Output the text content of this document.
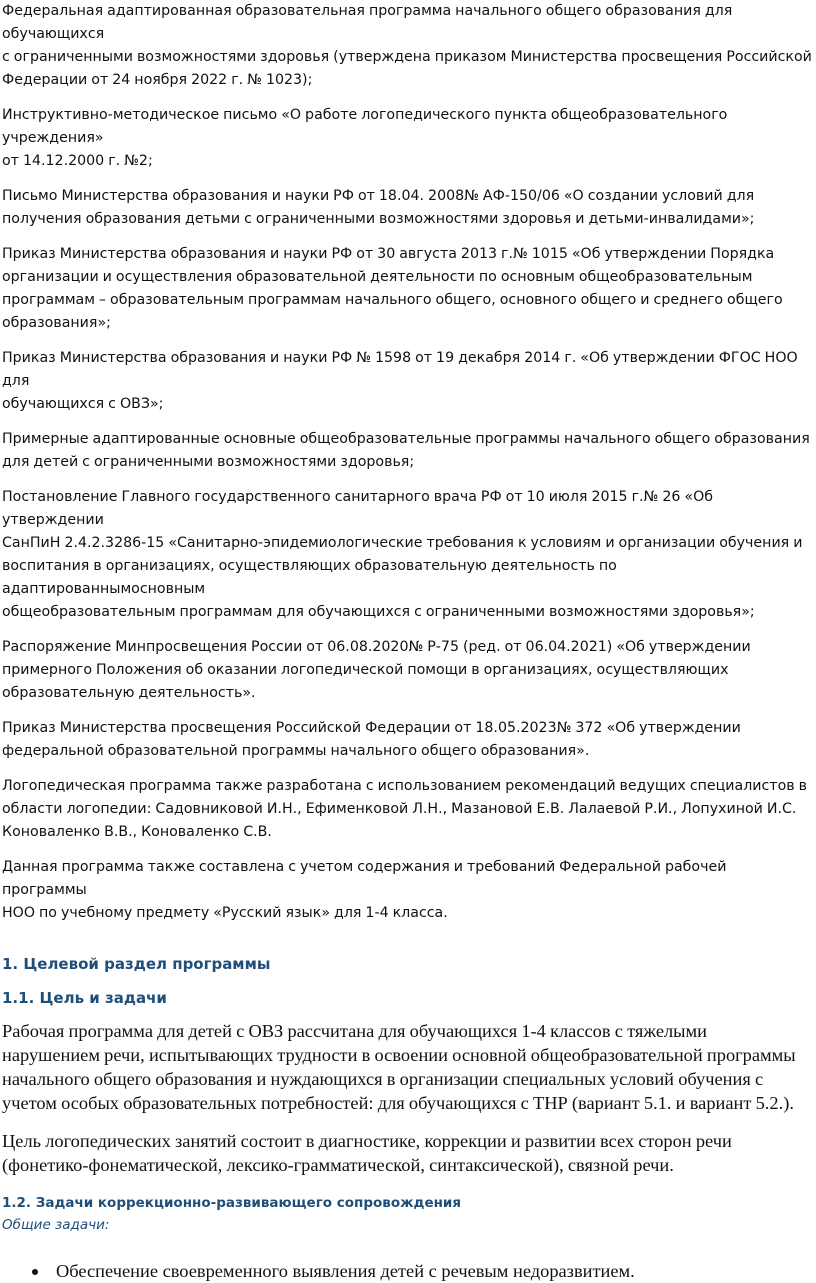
Федеральная адаптированная образовательная программа начального общего образования для обучающихся
с ограниченными возможностями здоровья (утверждена приказом Министерства просвещения Российской
Федерации от 24 ноября 2022 г. № 1023);

Инструктивно-методическое письмо «О работе логопедического пункта общеобразовательного учреждения»
от 14.12.2000 г. №2;

Письмо Министерства образования и науки РФ от 18.04. 2008№ АФ-150/06 «О создании условий для
получения образования детьми с ограниченными возможностями здоровья и детьми-инвалидами»;

Приказ Министерства образования и науки РФ от 30 августа 2013 г.№ 1015 «Об утверждении Порядка
организации и осуществления образовательной деятельности по основным общеобразовательным
программам – образовательным программам начального общего, основного общего и среднего общего
образования»;

Приказ Министерства образования и науки РФ № 1598 от 19 декабря 2014 г. «Об утверждении ФГОС НОО для
обучающихся с ОВЗ»;

Примерные адаптированные основные общеобразовательные программы начального общего образования
для детей с ограниченными возможностями здоровья;

Постановление Главного государственного санитарного врача РФ от 10 июля 2015 г.№ 26 «Об утверждении
СанПиН 2.4.2.3286-15 «Санитарно-эпидемиологические требования к условиям и организации обучения и
воспитания в организациях, осуществляющих образовательную деятельность по адаптированнымосновным
общеобразовательным программам для обучающихся с ограниченными возможностями здоровья»;

Распоряжение Минпросвещения России от 06.08.2020№ Р-75 (ред. от 06.04.2021) «Об утверждении
примерного Положения об оказании логопедической помощи в организациях, осуществляющих
образовательную деятельность».

Приказ Министерства просвещения Российской Федерации от 18.05.2023№ 372 «Об утверждении
федеральной образовательной программы начального общего образования».

Логопедическая программа также разработана с использованием рекомендаций ведущих специалистов в
области логопедии: Садовниковой И.Н., Ефименковой Л.Н., Мазановой Е.В. Лалаевой Р.И., Лопухиной И.С.
Коноваленко В.В., Коноваленко С.В.

Данная программа также составлена с учетом содержания и требований Федеральной рабочей программы
НОО по учебному предмету «Русский язык» для 1-4 класса.

1. Целевой раздел программы
1.1. Цель и задачи

Рабочая программа для детей с ОВЗ рассчитана для обучающихся 1-4 классов с тяжелыми
нарушением речи, испытывающих трудности в освоении основной общеобразовательной программы
начального общего образования и нуждающихся в организации специальных условий обучения с
учетом особых образовательных потребностей: для обучающихся с ТНР (вариант 5.1. и вариант 5.2.).

Цель логопедических занятий состоит в диагностике, коррекции и развитии всех сторон речи
(фонетико-фонематической, лексико-грамматической, синтаксической), связной речи.

1.2. Задачи коррекционно-развивающего сопровождения
Общие задачи:
Обеспечение своевременного выявления детей с речевым недоразвитием.
